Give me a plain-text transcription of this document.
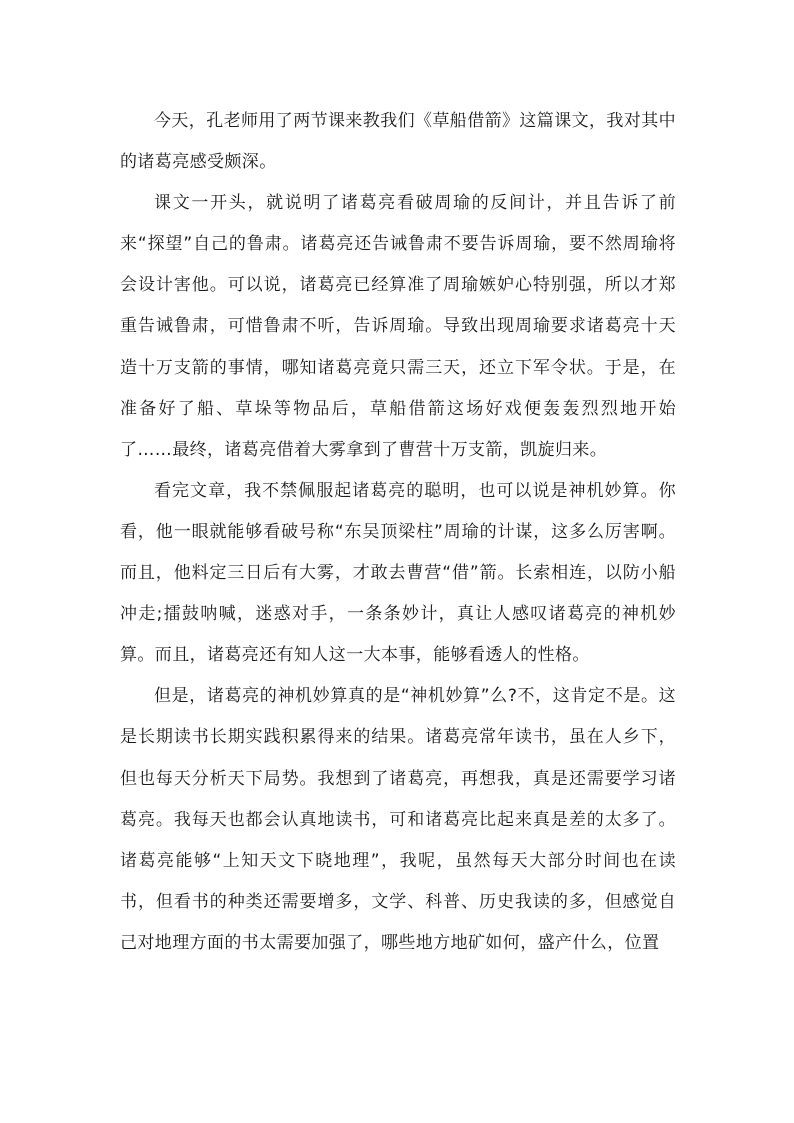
今天，孔老师用了两节课来教我们《草船借箭》这篇课文，我对其中的诸葛亮感受颇深。

课文一开头，就说明了诸葛亮看破周瑜的反间计，并且告诉了前来“探望”自己的鲁肃。诸葛亮还告诫鲁肃不要告诉周瑜，要不然周瑜将会设计害他。可以说，诸葛亮已经算准了周瑜嫉妒心特别强，所以才郑重告诫鲁肃，可惜鲁肃不听，告诉周瑜。导致出现周瑜要求诸葛亮十天造十万支箭的事情，哪知诸葛亮竟只需三天，还立下军令状。于是，在准备好了船、草垛等物品后，草船借箭这场好戏便轰轰烈烈地开始了……最终，诸葛亮借着大雾拿到了曹营十万支箭，凯旋归来。

看完文章，我不禁佩服起诸葛亮的聪明，也可以说是神机妙算。你看，他一眼就能够看破号称“东吴顶梁柱”周瑜的计谋，这多么厉害啊。而且，他料定三日后有大雾，才敢去曹营“借”箭。长索相连，以防小船冲走;擂鼓呐喊，迷惑对手，一条条妙计，真让人感叹诸葛亮的神机妙算。而且，诸葛亮还有知人这一大本事，能够看透人的性格。

但是，诸葛亮的神机妙算真的是“神机妙算”么?不，这肯定不是。这是长期读书长期实践积累得来的结果。诸葛亮常年读书，虽在人乡下，但也每天分析天下局势。我想到了诸葛亮，再想我，真是还需要学习诸葛亮。我每天也都会认真地读书，可和诸葛亮比起来真是差的太多了。诸葛亮能够“上知天文下晓地理”，我呢，虽然每天大部分时间也在读书，但看书的种类还需要增多，文学、科普、历史我读的多，但感觉自己对地理方面的书太需要加强了，哪些地方地矿如何，盛产什么，位置
